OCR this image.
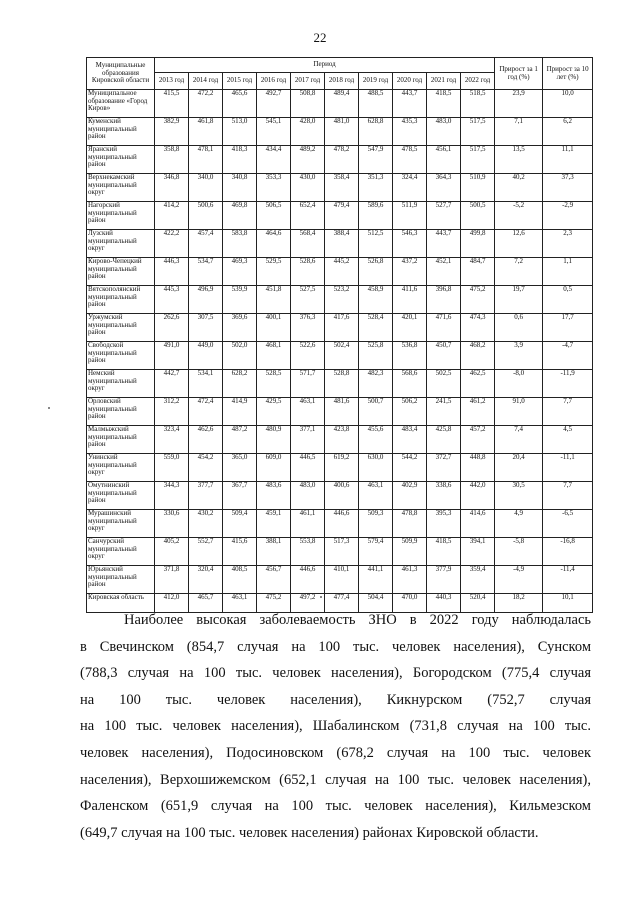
22
Муниципальные образования Кировской области	Период										Прирост за 1 год (%)	Прирост за 10 лет (%)
	2013 год	2014 год	2015 год	2016 год	2017 год	2018 год	2019 год	2020 год	2021 год	2022 год		
Муниципальное образование «Город Киров»	415,5	472,2	465,6	492,7	508,8	489,4	488,5	443,7	418,5	518,5	23,9	10,0
Куменский муниципальный район	382,9	461,8	513,0	545,1	428,0	481,0	628,8	435,3	483,0	517,5	7,1	6,2
Яранский муниципальный район	358,8	478,1	418,3	434,4	489,2	478,2	547,9	478,5	456,1	517,5	13,5	11,1
Верхнекамский муниципальный округ	346,8	340,0	340,8	353,3	430,0	358,4	351,3	324,4	364,3	510,9	40,2	37,3
Нагорский муниципальный район	414,2	500,6	469,8	506,5	652,4	479,4	589,6	511,9	527,7	500,5	-5,2	-2,9
Лузский муниципальный округ	422,2	457,4	583,8	464,6	568,4	388,4	512,5	546,3	443,7	499,8	12,6	2,3
Кирово-Чепецкий муниципальный район	446,3	534,7	469,3	529,5	528,6	445,2	526,8	437,2	452,1	484,7	7,2	1,1
Вятскополянский муниципальный район	445,3	496,9	539,9	451,8	527,5	523,2	458,9	411,6	396,8	475,2	19,7	0,5
Уржумский муниципальный район	262,6	307,5	369,6	400,1	376,3	417,6	528,4	420,1	471,6	474,3	0,6	17,7
Свободской муниципальный район	491,0	449,0	502,0	468,1	522,6	502,4	525,8	536,8	450,7	468,2	3,9	-4,7
Немский муниципальный округ	442,7	534,1	628,2	528,5	571,7	528,8	482,3	568,6	502,5	462,5	-8,0	-11,9
Орловский муниципальный район	312,2	472,4	414,9	429,5	463,1	481,6	500,7	506,2	241,5	461,2	91,0	7,7
Малмыжский муниципальный район	323,4	462,6	487,2	480,9	377,1	423,8	455,6	483,4	425,8	457,2	7,4	4,5
Унинский муниципальный округ	559,0	454,2	365,0	609,0	446,5	619,2	630,0	544,2	372,7	448,8	20,4	-11,1
Омутнинский муниципальный район	344,3	377,7	367,7	483,6	483,0	400,6	463,1	402,9	338,6	442,0	30,5	7,7
Мурашинский муниципальный округ	330,6	430,2	509,4	459,1	461,1	446,6	509,3	478,8	395,3	414,6	4,9	-6,5
Санчурский муниципальный округ	405,2	552,7	415,6	388,1	553,8	517,3	579,4	509,9	418,5	394,1	-5,8	-16,8
Юрьянский муниципальный район	371,8	320,4	408,5	456,7	446,6	410,1	441,1	461,3	377,9	359,4	-4,9	-11,4
Кировская область	412,0	465,7	463,1	475,2	497,2	477,4	504,4	470,0	440,3	520,4	18,2	10,1
Наиболее высокая заболеваемость ЗНО в 2022 году наблюдалась
в Свечинском (854,7 случая на 100 тыс. человек населения), Сунском
(788,3 случая на 100 тыс. человек населения), Богородском (775,4 случая
на 100 тыс. человек населения), Кикнурском (752,7 случая
на 100 тыс. человек населения), Шабалинском (731,8 случая на 100 тыс.
человек населения), Подосиновском (678,2 случая на 100 тыс. человек
населения), Верхошижемском (652,1 случая на 100 тыс. человек населения),
Фаленском (651,9 случая на 100 тыс. человек населения), Кильмезском
(649,7 случая на 100 тыс. человек населения) районах Кировской области.
